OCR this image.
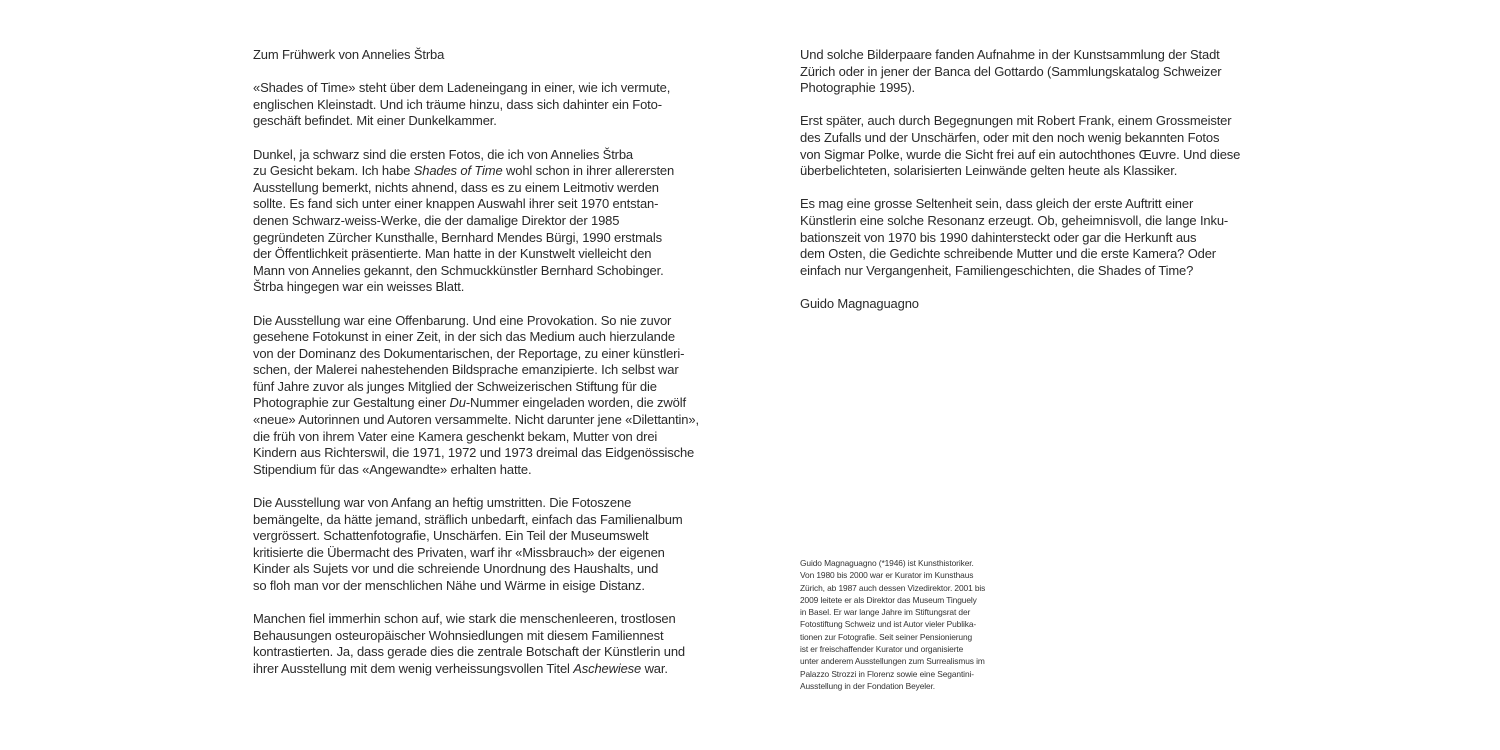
Zum Frühwerk von Annelies Štrba
«Shades of Time» steht über dem Ladeneingang in einer, wie ich vermute,
englischen Kleinstadt. Und ich träume hinzu, dass sich dahinter ein Foto-
geschäft befindet. Mit einer Dunkelkammer.
Dunkel, ja schwarz sind die ersten Fotos, die ich von Annelies Štrba
zu Gesicht bekam. Ich habe Shades of Time wohl schon in ihrer allerersten
Ausstellung bemerkt, nichts ahnend, dass es zu einem Leitmotiv werden
sollte. Es fand sich unter einer knappen Auswahl ihrer seit 1970 entstan-
denen Schwarz-weiss-Werke, die der damalige Direktor der 1985
gegründeten Zürcher Kunsthalle, Bernhard Mendes Bürgi, 1990 erstmals
der Öffentlichkeit präsentierte. Man hatte in der Kunstwelt vielleicht den
Mann von Annelies gekannt, den Schmuckkünstler Bernhard Schobinger.
Štrba hingegen war ein weisses Blatt.
Die Ausstellung war eine Offenbarung. Und eine Provokation. So nie zuvor
gesehene Fotokunst in einer Zeit, in der sich das Medium auch hierzulande
von der Dominanz des Dokumentarischen, der Reportage, zu einer künstleri-
schen, der Malerei nahestehenden Bildsprache emanzipierte. Ich selbst war
fünf Jahre zuvor als junges Mitglied der Schweizerischen Stiftung für die
Photographie zur Gestaltung einer Du-Nummer eingeladen worden, die zwölf
«neue» Autorinnen und Autoren versammelte. Nicht darunter jene «Dilettantin»,
die früh von ihrem Vater eine Kamera geschenkt bekam, Mutter von drei
Kindern aus Richterswil, die 1971, 1972 und 1973 dreimal das Eidgenössische
Stipendium für das «Angewandte» erhalten hatte.
Die Ausstellung war von Anfang an heftig umstritten. Die Fotoszene
bemängelte, da hätte jemand, sträflich unbedarft, einfach das Familienalbum
vergrössert. Schattenfotografie, Unschärfen. Ein Teil der Museumswelt
kritisierte die Übermacht des Privaten, warf ihr «Missbrauch» der eigenen
Kinder als Sujets vor und die schreiende Unordnung des Haushalts, und
so floh man vor der menschlichen Nähe und Wärme in eisige Distanz.
Manchen fiel immerhin schon auf, wie stark die menschenleeren, trostlosen
Behausungen osteuropäischer Wohnsiedlungen mit diesem Familiennest
kontrastierten. Ja, dass gerade dies die zentrale Botschaft der Künstlerin und
ihrer Ausstellung mit dem wenig verheissungsvollen Titel Aschewiese war.
Und solche Bilderpaare fanden Aufnahme in der Kunstsammlung der Stadt
Zürich oder in jener der Banca del Gottardo (Sammlungskatalog Schweizer
Photographie 1995).
Erst später, auch durch Begegnungen mit Robert Frank, einem Grossmeister
des Zufalls und der Unschärfen, oder mit den noch wenig bekannten Fotos
von Sigmar Polke, wurde die Sicht frei auf ein autochthones Œuvre. Und diese
überbelichteten, solarisierten Leinwände gelten heute als Klassiker.
Es mag eine grosse Seltenheit sein, dass gleich der erste Auftritt einer
Künstlerin eine solche Resonanz erzeugt. Ob, geheimnisvoll, die lange Inku-
bationszeit von 1970 bis 1990 dahintersteckt oder gar die Herkunft aus
dem Osten, die Gedichte schreibende Mutter und die erste Kamera? Oder
einfach nur Vergangenheit, Familiengeschichten, die Shades of Time?
Guido Magnaguagno
Guido Magnaguagno (*1946) ist Kunsthistoriker.
Von 1980 bis 2000 war er Kurator im Kunsthaus
Zürich, ab 1987 auch dessen Vizedirektor. 2001 bis
2009 leitete er als Direktor das Museum Tinguely
in Basel. Er war lange Jahre im Stiftungsrat der
Fotostiftung Schweiz und ist Autor vieler Publika-
tionen zur Fotografie. Seit seiner Pensionierung
ist er freischaffender Kurator und organisierte
unter anderem Ausstellungen zum Surrealismus im
Palazzo Strozzi in Florenz sowie eine Segantini-
Ausstellung in der Fondation Beyeler.
